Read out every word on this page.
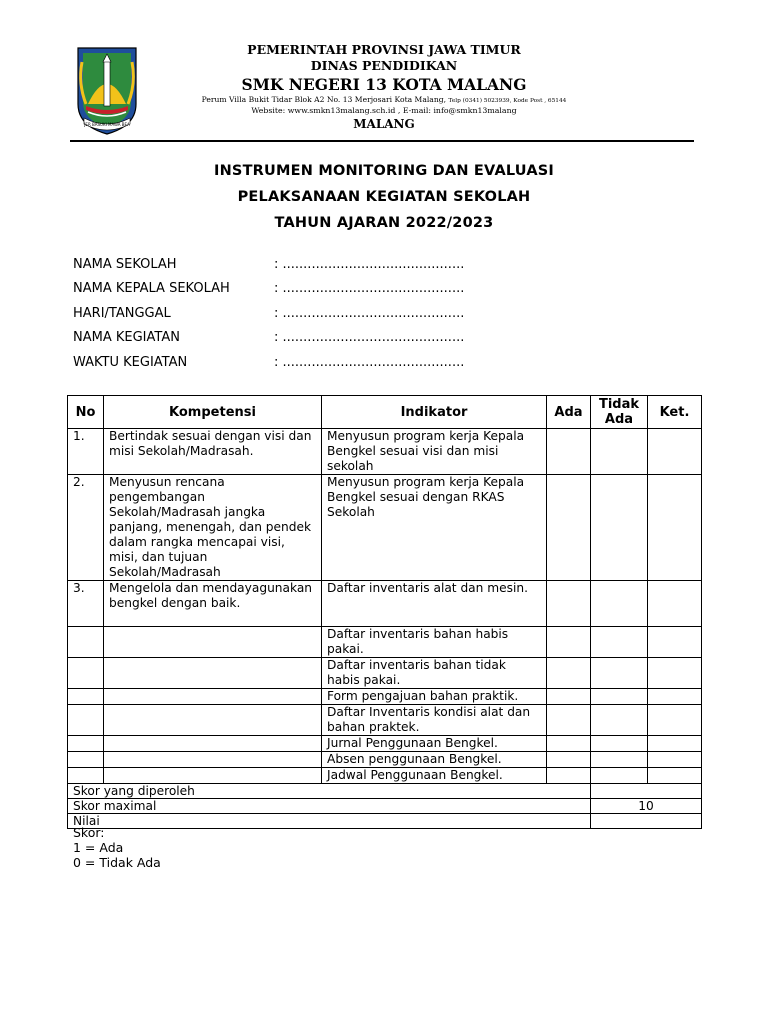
JER BASUKI MAWA BEA
PEMERINTAH PROVINSI JAWA TIMUR
DINAS PENDIDIKAN
SMK NEGERI 13 KOTA MALANG
Perum Villa Bukit Tidar Blok A2 No. 13 Merjosari Kota Malang, Telp (0341) 5023939, Kode Post , 65144
Website: www.smkn13malang.sch.id , E-mail: info@smkn13malang
MALANG
INSTRUMEN MONITORING DAN EVALUASI
PELAKSANAAN KEGIATAN SEKOLAH
TAHUN AJARAN 2022/2023
NAMA SEKOLAH	: ............................................
NAMA KEPALA SEKOLAH	: ............................................
HARI/TANGGAL	: ............................................
NAMA KEGIATAN	: ............................................
WAKTU KEGIATAN	: ............................................
No	Kompetensi	Indikator	Ada	Tidak Ada	Ket.
1.	Bertindak sesuai dengan visi dan misi Sekolah/Madrasah.	Menyusun program kerja Kepala Bengkel sesuai visi dan misi sekolah			
2.	Menyusun rencana pengembangan Sekolah/Madrasah jangka panjang, menengah, dan pendek dalam rangka mencapai visi, misi, dan tujuan Sekolah/Madrasah	Menyusun program kerja Kepala Bengkel sesuai dengan RKAS Sekolah			
3.	Mengelola dan mendayagunakan bengkel dengan baik.	Daftar inventaris alat dan mesin.			
		Daftar inventaris bahan habis pakai.			
		Daftar inventaris bahan tidak habis pakai.			
		Form pengajuan bahan praktik.			
		Daftar Inventaris kondisi alat dan bahan praktek.			
		Jurnal Penggunaan Bengkel.			
		Absen penggunaan Bengkel.			
		Jadwal Penggunaan Bengkel.			
Skor yang diperoleh					
Skor maximal				10	
Nilai					
Skor:
1 = Ada
0 = Tidak Ada
